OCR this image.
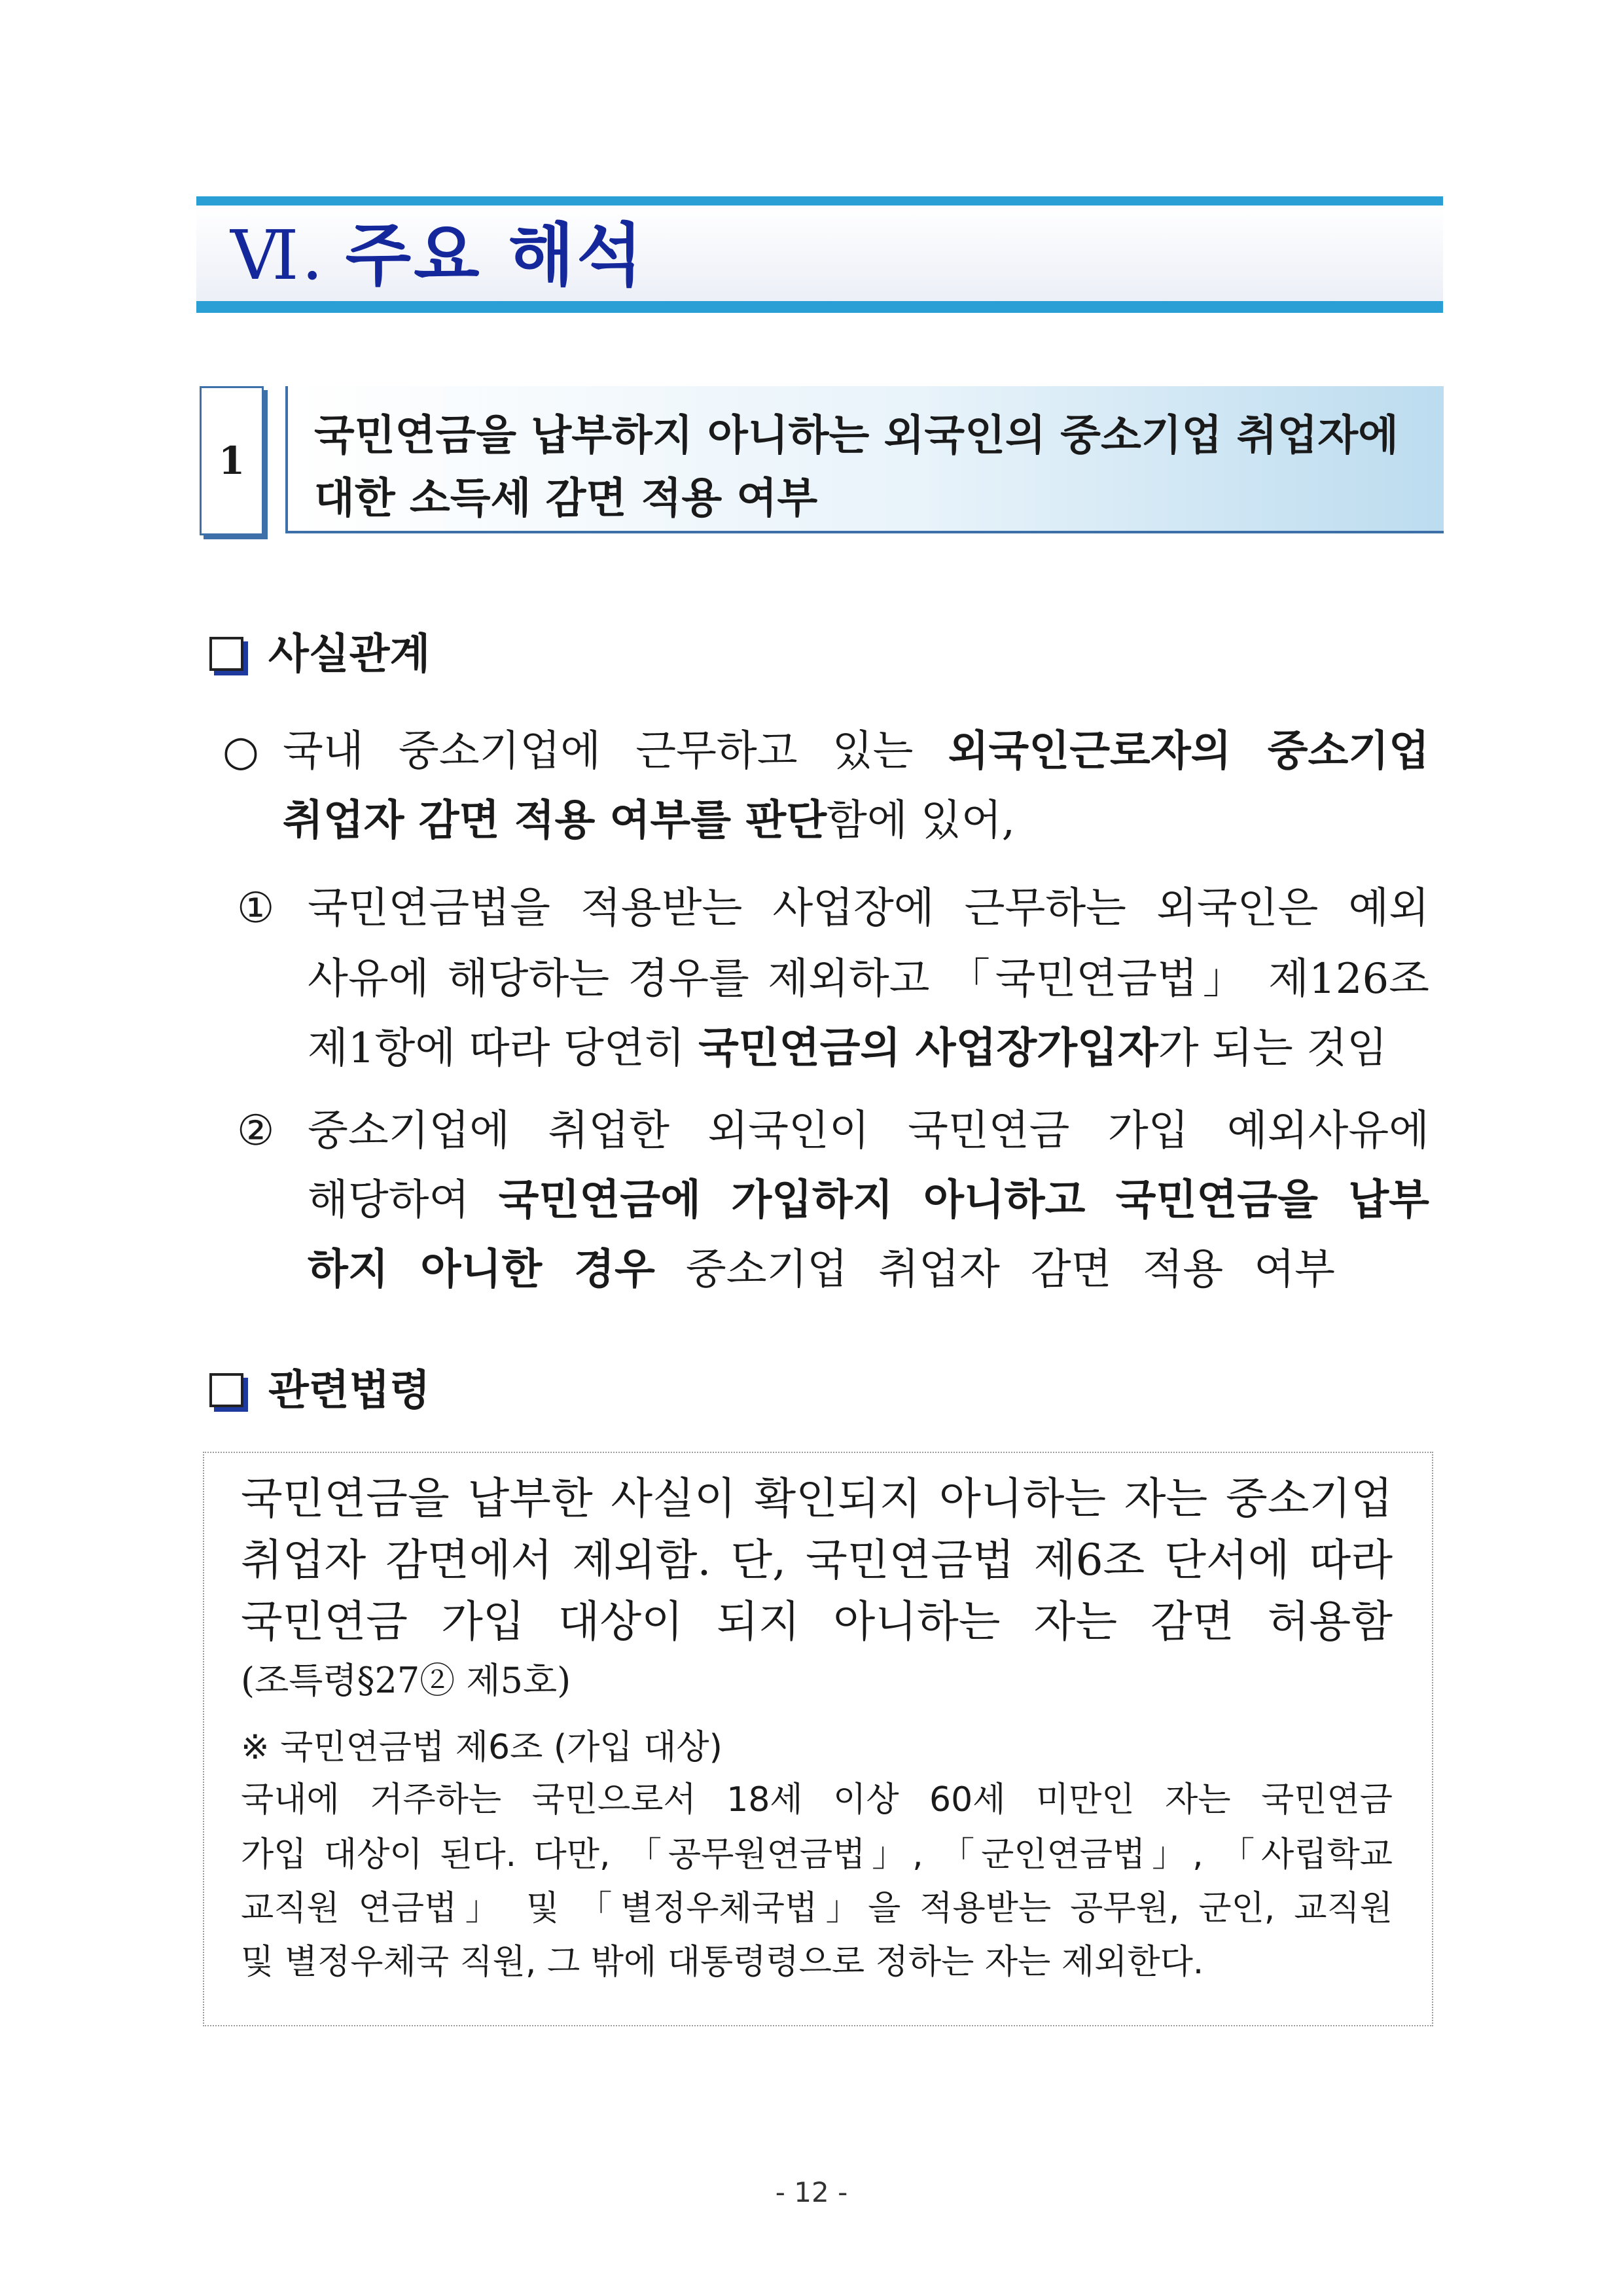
Ⅵ. 주요 해석
1
국민연금을 납부하지 아니하는 외국인의 중소기업 취업자에
대한 소득세 감면 적용 여부
사실관계
○ 국내 중소기업에 근무하고 있는 외국인근로자의 중소기업
취업자 감면 적용 여부를 판단함에 있어,
① 국민연금법을 적용받는 사업장에 근무하는 외국인은 예외
사유에 해당하는 경우를 제외하고 「국민연금법」 제126조
제1항에 따라 당연히 국민연금의 사업장가입자가 되는 것임
② 중소기업에 취업한 외국인이 국민연금 가입 예외사유에
해당하여 국민연금에 가입하지 아니하고 국민연금을 납부
하지 아니한 경우 중소기업 취업자 감면 적용 여부
관련법령
국민연금을 납부한 사실이 확인되지 아니하는 자는 중소기업
취업자 감면에서 제외함. 단, 국민연금법 제6조 단서에 따라
국민연금 가입 대상이 되지 아니하는 자는 감면 허용함
(조특령§27② 제5호)
※ 국민연금법 제6조 (가입 대상)
국내에 거주하는 국민으로서 18세 이상 60세 미만인 자는 국민연금
가입 대상이 된다. 다만, 「공무원연금법」, 「군인연금법」, 「사립학교
교직원 연금법」 및 「별정우체국법」을 적용받는 공무원, 군인, 교직원
및 별정우체국 직원, 그 밖에 대통령령으로 정하는 자는 제외한다.
- 12 -
